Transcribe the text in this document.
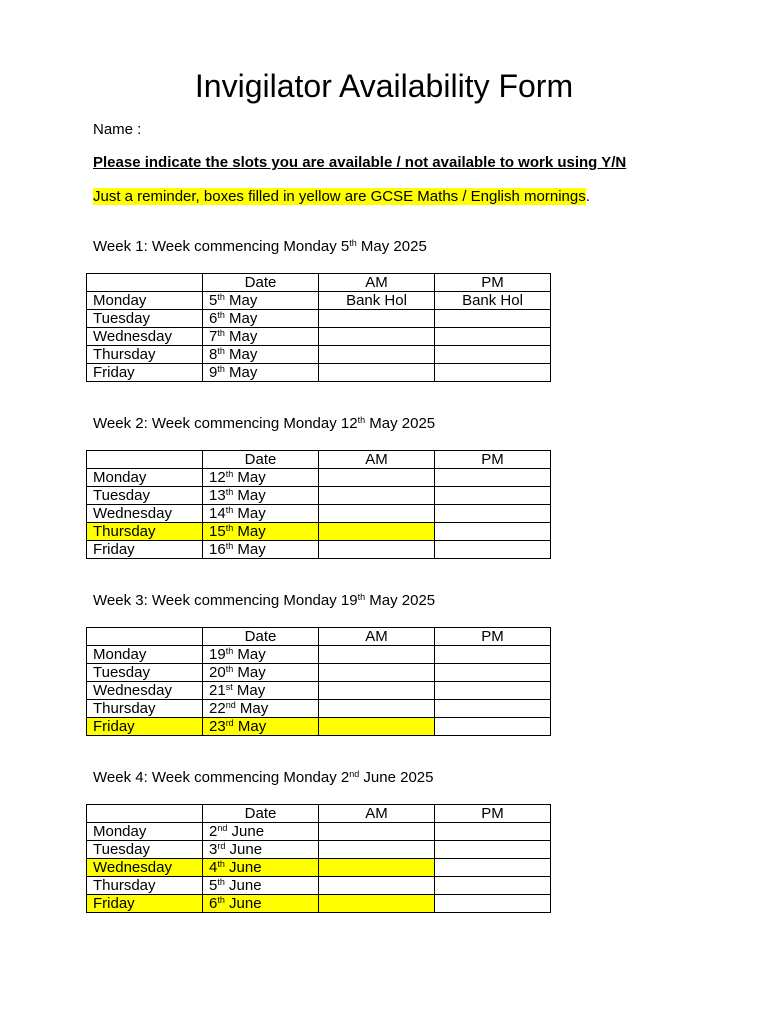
Invigilator Availability Form
Name :
Please indicate the slots you are available / not available to work using Y/N
Just a reminder, boxes filled in yellow are GCSE Maths / English mornings.
Week 1: Week commencing Monday 5th May 2025
	Date	AM	PM
Monday	5th May	Bank Hol	Bank Hol
Tuesday	6th May		
Wednesday	7th May		
Thursday	8th May		
Friday	9th May		
Week 2: Week commencing Monday 12th May 2025
	Date	AM	PM
Monday	12th May		
Tuesday	13th May		
Wednesday	14th May		
Thursday	15th May		
Friday	16th May		
Week 3: Week commencing Monday 19th May 2025
	Date	AM	PM
Monday	19th May		
Tuesday	20th May		
Wednesday	21st May		
Thursday	22nd May		
Friday	23rd May		
Week 4: Week commencing Monday 2nd June 2025
	Date	AM	PM
Monday	2nd June		
Tuesday	3rd June		
Wednesday	4th June		
Thursday	5th June		
Friday	6th June		
